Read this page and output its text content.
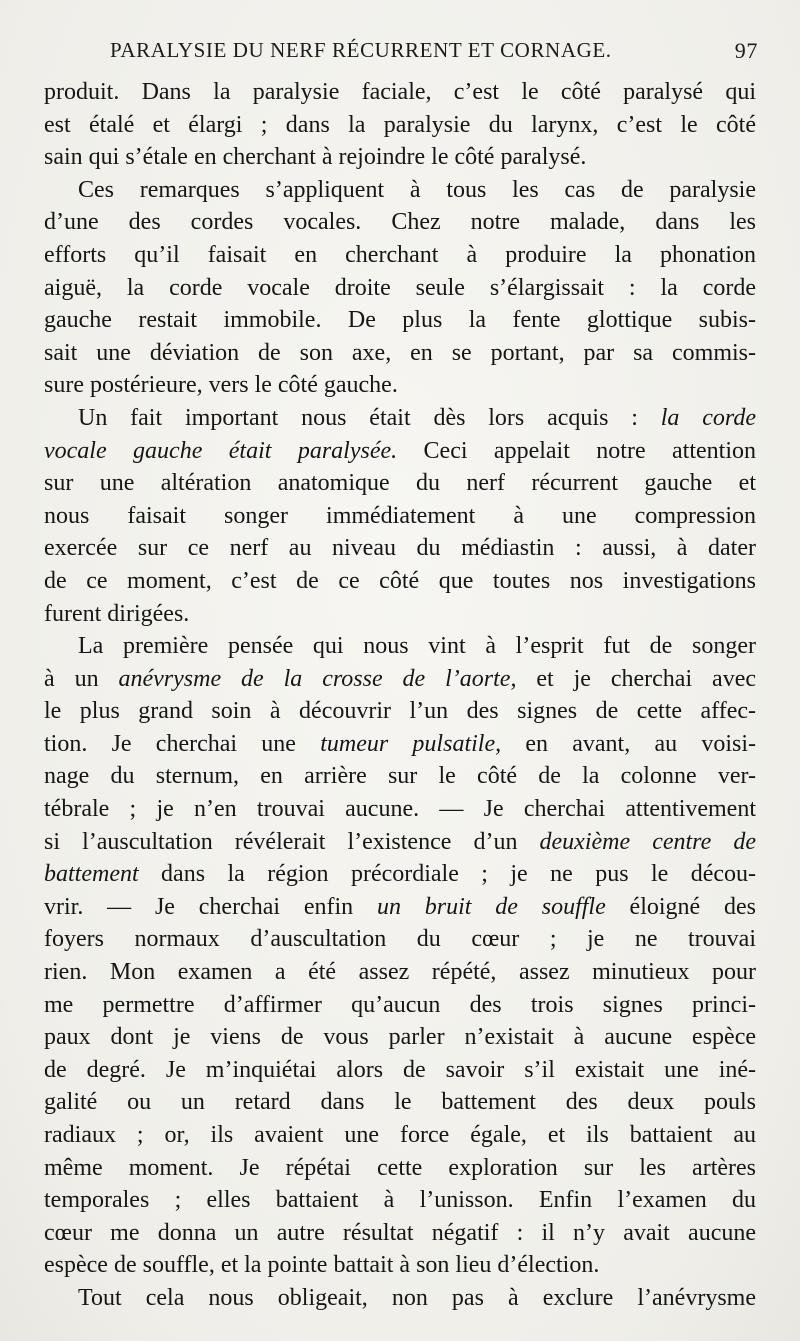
PARALYSIE DU NERF RÉCURRENT ET CORNAGE.	97
produit. Dans la paralysie faciale, c’est le côté paralysé qui
est étalé et élargi ; dans la paralysie du larynx, c’est le côté
sain qui s’étale en cherchant à rejoindre le côté paralysé.
Ces remarques s’appliquent à tous les cas de paralysie
d’une des cordes vocales. Chez notre malade, dans les
efforts qu’il faisait en cherchant à produire la phonation
aiguë, la corde vocale droite seule s’élargissait : la corde
gauche restait immobile. De plus la fente glottique subis-
sait une déviation de son axe, en se portant, par sa commis-
sure postérieure, vers le côté gauche.
Un fait important nous était dès lors acquis : la corde
vocale gauche était paralysée. Ceci appelait notre attention
sur une altération anatomique du nerf récurrent gauche et
nous faisait songer immédiatement à une compression
exercée sur ce nerf au niveau du médiastin : aussi, à dater
de ce moment, c’est de ce côté que toutes nos investigations
furent dirigées.
La première pensée qui nous vint à l’esprit fut de songer
à un anévrysme de la crosse de l’aorte, et je cherchai avec
le plus grand soin à découvrir l’un des signes de cette affec-
tion. Je cherchai une tumeur pulsatile, en avant, au voisi-
nage du sternum, en arrière sur le côté de la colonne ver-
tébrale ; je n’en trouvai aucune. — Je cherchai attentivement
si l’auscultation révélerait l’existence d’un deuxième centre de
battement dans la région précordiale ; je ne pus le décou-
vrir. — Je cherchai enfin un bruit de souffle éloigné des
foyers normaux d’auscultation du cœur ; je ne trouvai
rien. Mon examen a été assez répété, assez minutieux pour
me permettre d’affirmer qu’aucun des trois signes princi-
paux dont je viens de vous parler n’existait à aucune espèce
de degré. Je m’inquiétai alors de savoir s’il existait une iné-
galité ou un retard dans le battement des deux pouls
radiaux ; or, ils avaient une force égale, et ils battaient au
même moment. Je répétai cette exploration sur les artères
temporales ; elles battaient à l’unisson. Enfin l’examen du
cœur me donna un autre résultat négatif : il n’y avait aucune
espèce de souffle, et la pointe battait à son lieu d’élection.
Tout cela nous obligeait, non pas à exclure l’anévrysme
